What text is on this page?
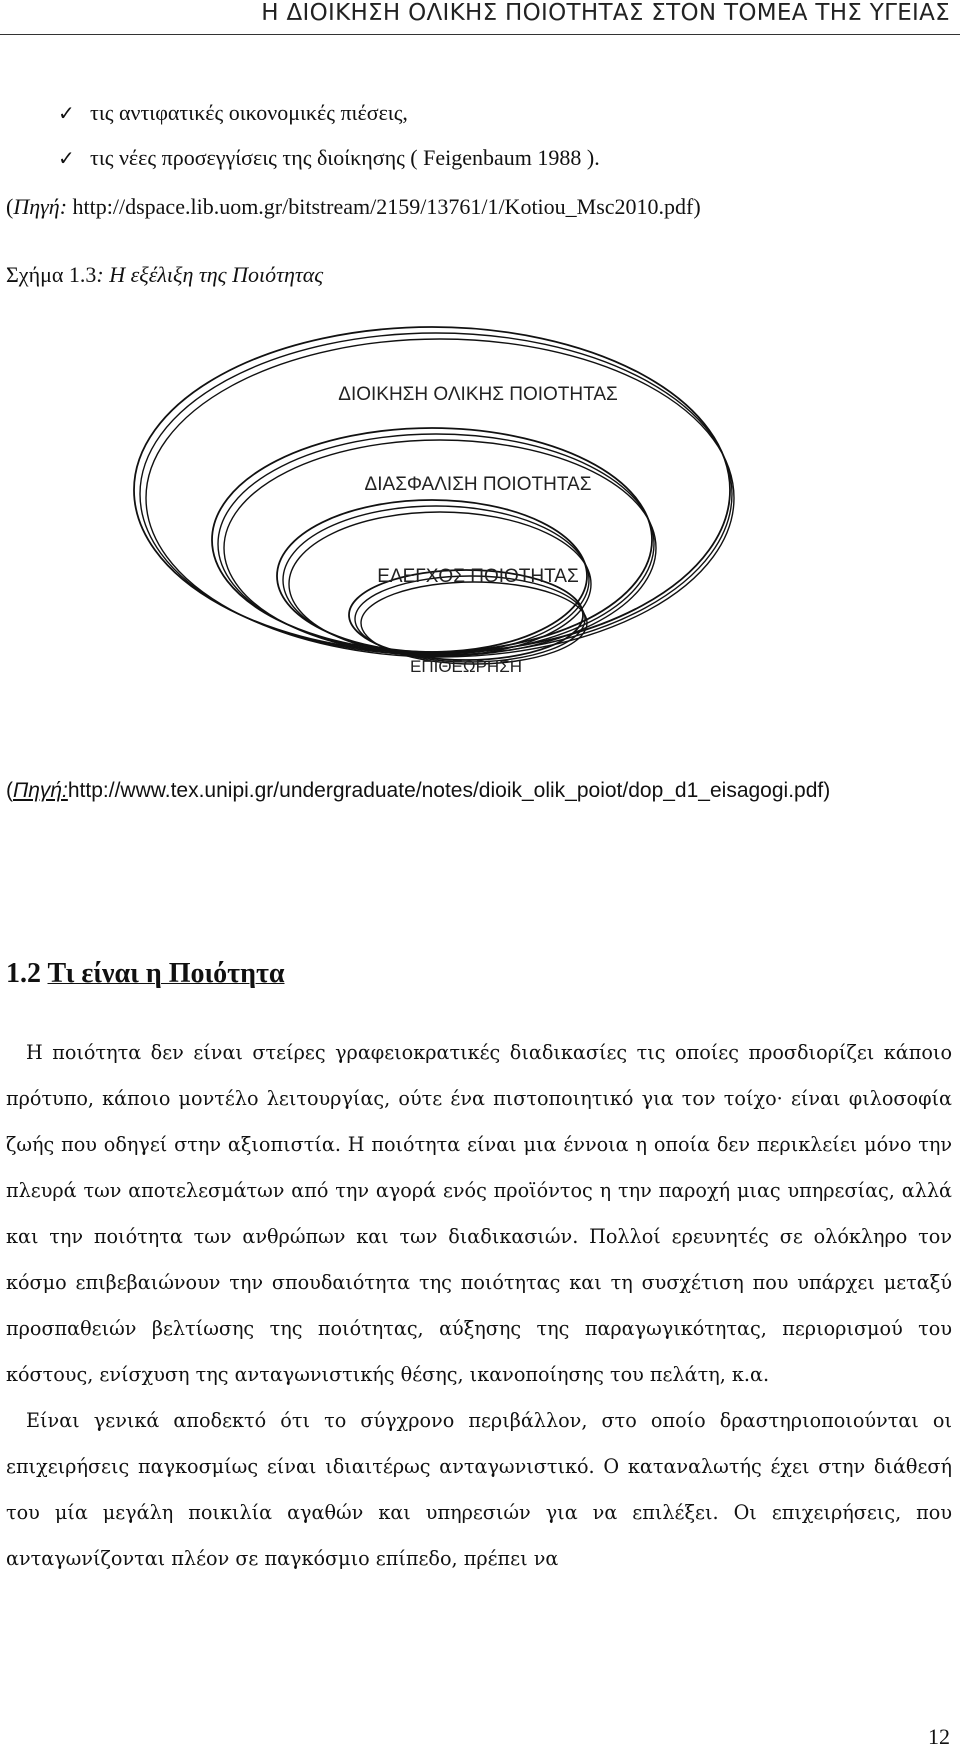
Η ΔΙΟΙΚΗΣΗ ΟΛΙΚΗΣ ΠΟΙΟΤΗΤΑΣ ΣΤΟΝ ΤΟΜΕΑ ΤΗΣ ΥΓΕΙΑΣ
✓ τις αντιφατικές οικονομικές πιέσεις,
✓ τις νέες προσεγγίσεις της διοίκησης ( Feigenbaum 1988 ).
(Πηγή: http://dspace.lib.uom.gr/bitstream/2159/13761/1/Kotiou_Msc2010.pdf)
Σχήμα 1.3: Η εξέλιξη της Ποιότητας
ΔΙΟΙΚΗΣΗ ΟΛΙΚΗΣ ΠΟΙΟΤΗΤΑΣ
ΔΙΑΣΦΑΛΙΣΗ ΠΟΙΟΤΗΤΑΣ
ΕΛΕΓΧΟΣ ΠΟΙΟΤΗΤΑΣ
ΕΠΙΘΕΩΡΗΣΗ
(Πηγή:http://www.tex.unipi.gr/undergraduate/notes/dioik_olik_poiot/dop_d1_eisagogi.pdf)
1.2 Τι είναι η Ποιότητα

Η ποιότητα δεν είναι στείρες γραφειοκρατικές διαδικασίες τις οποίες προσδιορίζει κάποιο πρότυπο, κάποιο μοντέλο λειτουργίας, ούτε ένα πιστοποιητικό για τον τοίχο· είναι φιλοσοφία ζωής που οδηγεί στην αξιοπιστία. Η ποιότητα είναι μια έννοια η οποία δεν περικλείει μόνο την πλευρά των αποτελεσμάτων από την αγορά ενός προϊόντος η την παροχή μιας υπηρεσίας, αλλά και την ποιότητα των ανθρώπων και των διαδικασιών. Πολλοί ερευνητές σε ολόκληρο τον κόσμο επιβεβαιώνουν την σπουδαιότητα της ποιότητας και τη συσχέτιση που υπάρχει μεταξύ προσπαθειών βελτίωσης της ποιότητας, αύξησης της παραγωγικότητας, περιορισμού του κόστους, ενίσχυση της ανταγωνιστικής θέσης, ικανοποίησης του πελάτη, κ.α.

Είναι γενικά αποδεκτό ότι το σύγχρονο περιβάλλον, στο οποίο δραστηριοποιούνται οι επιχειρήσεις παγκοσμίως είναι ιδιαιτέρως ανταγωνιστικό. Ο καταναλωτής έχει στην διάθεσή του μία μεγάλη ποικιλία αγαθών και υπηρεσιών για να επιλέξει. Οι επιχειρήσεις, που ανταγωνίζονται πλέον σε παγκόσμιο επίπεδο, πρέπει να

12
